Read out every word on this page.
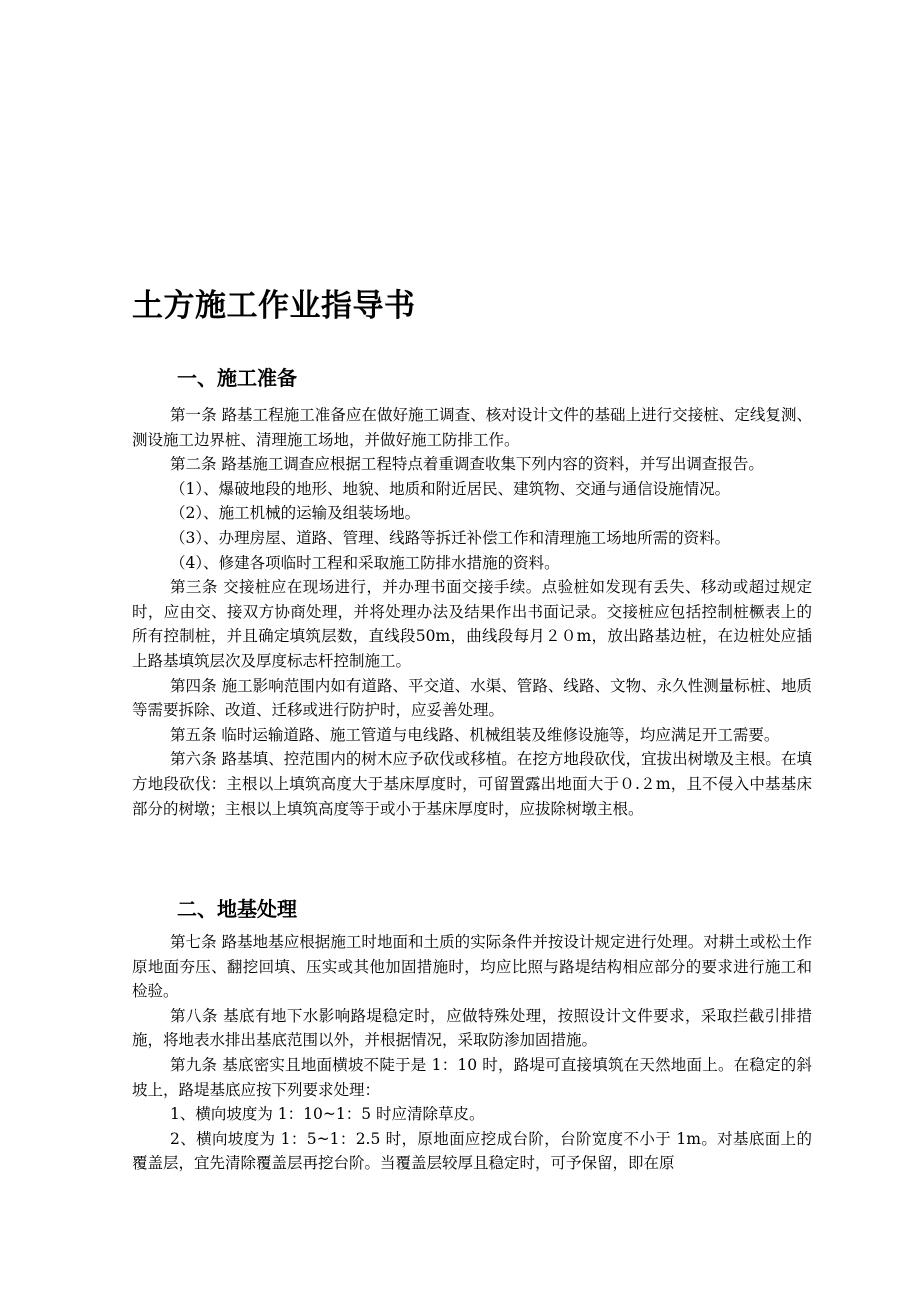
土方施工作业指导书
一、施工准备

第一条 路基工程施工准备应在做好施工调查、核对设计文件的基础上进行交接桩、定线复测、测设施工边界桩、清理施工场地，并做好施工防排工作。

第二条 路基施工调查应根据工程特点着重调查收集下列内容的资料，并写出调查报告。

（1）、爆破地段的地形、地貌、地质和附近居民、建筑物、交通与通信设施情况。

（2）、施工机械的运输及组装场地。

（3）、办理房屋、道路、管理、线路等拆迁补偿工作和清理施工场地所需的资料。

（4）、修建各项临时工程和采取施工防排水措施的资料。

第三条 交接桩应在现场进行，并办理书面交接手续。点验桩如发现有丢失、移动或超过规定时，应由交、接双方协商处理，并将处理办法及结果作出书面记录。交接桩应包括控制桩橛表上的所有控制桩，并且确定填筑层数，直线段50m，曲线段每月２０m，放出路基边桩，在边桩处应插上路基填筑层次及厚度标志杆控制施工。

第四条 施工影响范围内如有道路、平交道、水渠、管路、线路、文物、永久性测量标桩、地质等需要拆除、改道、迁移或进行防护时，应妥善处理。

第五条 临时运输道路、施工管道与电线路、机械组装及维修设施等，均应满足开工需要。

第六条 路基填、控范围内的树木应予砍伐或移植。在挖方地段砍伐，宜拔出树墩及主根。在填方地段砍伐：主根以上填筑高度大于基床厚度时，可留置露出地面大于０.２m，且不侵入中基基床部分的树墩；主根以上填筑高度等于或小于基床厚度时，应拔除树墩主根。

二、地基处理

第七条 路基地基应根据施工时地面和土质的实际条件并按设计规定进行处理。对耕土或松土作原地面夯压、翻挖回填、压实或其他加固措施时，均应比照与路堤结构相应部分的要求进行施工和检验。

第八条 基底有地下水影响路堤稳定时，应做特殊处理，按照设计文件要求，采取拦截引排措施，将地表水排出基底范围以外，并根据情况，采取防渗加固措施。

第九条 基底密实且地面横坡不陡于是 1：10 时，路堤可直接填筑在天然地面上。在稳定的斜坡上，路堤基底应按下列要求处理：

1、横向坡度为 1：10~1：5 时应清除草皮。

2、横向坡度为 1：5~1：2.5 时，原地面应挖成台阶，台阶宽度不小于 1m。对基底面上的覆盖层，宜先清除覆盖层再挖台阶。当覆盖层较厚且稳定时，可予保留，即在原
